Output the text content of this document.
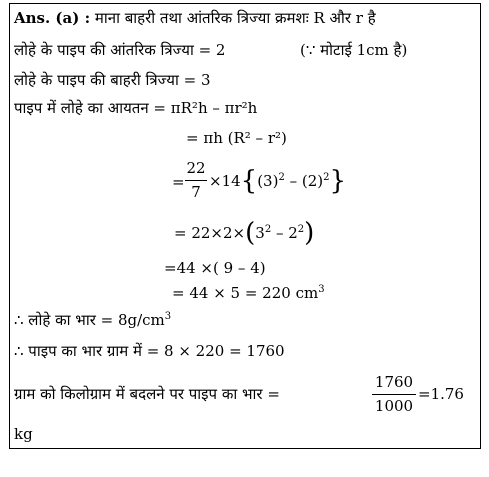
Ans. (a) : माना बाहरी तथा आंतरिक त्रिज्या क्रमशः R और r है
लोहे के पाइप की आंतरिक त्रिज्या = 2	(∵ मोटाई 1cm है)
लोहे के पाइप की बाहरी त्रिज्या = 3
पाइप में लोहे का आयतन = πR²h – πr²h
= πh (R² – r²)
=
22
7
$\times 14\{(3)^2 - (2)^2\}$
= $22\times 2\times(3^2 - 2^2)$
=44 ×( 9 – 4)
= 44 × 5 = 220 $cm^3$
∴ लोहे का भार = $8g/cm^3$
∴ पाइप का भार ग्राम में = 8 × 220 = 1760
ग्राम को किलोग्राम में बदलने पर पाइप का भार =
1760
1000
=1.76
kg
